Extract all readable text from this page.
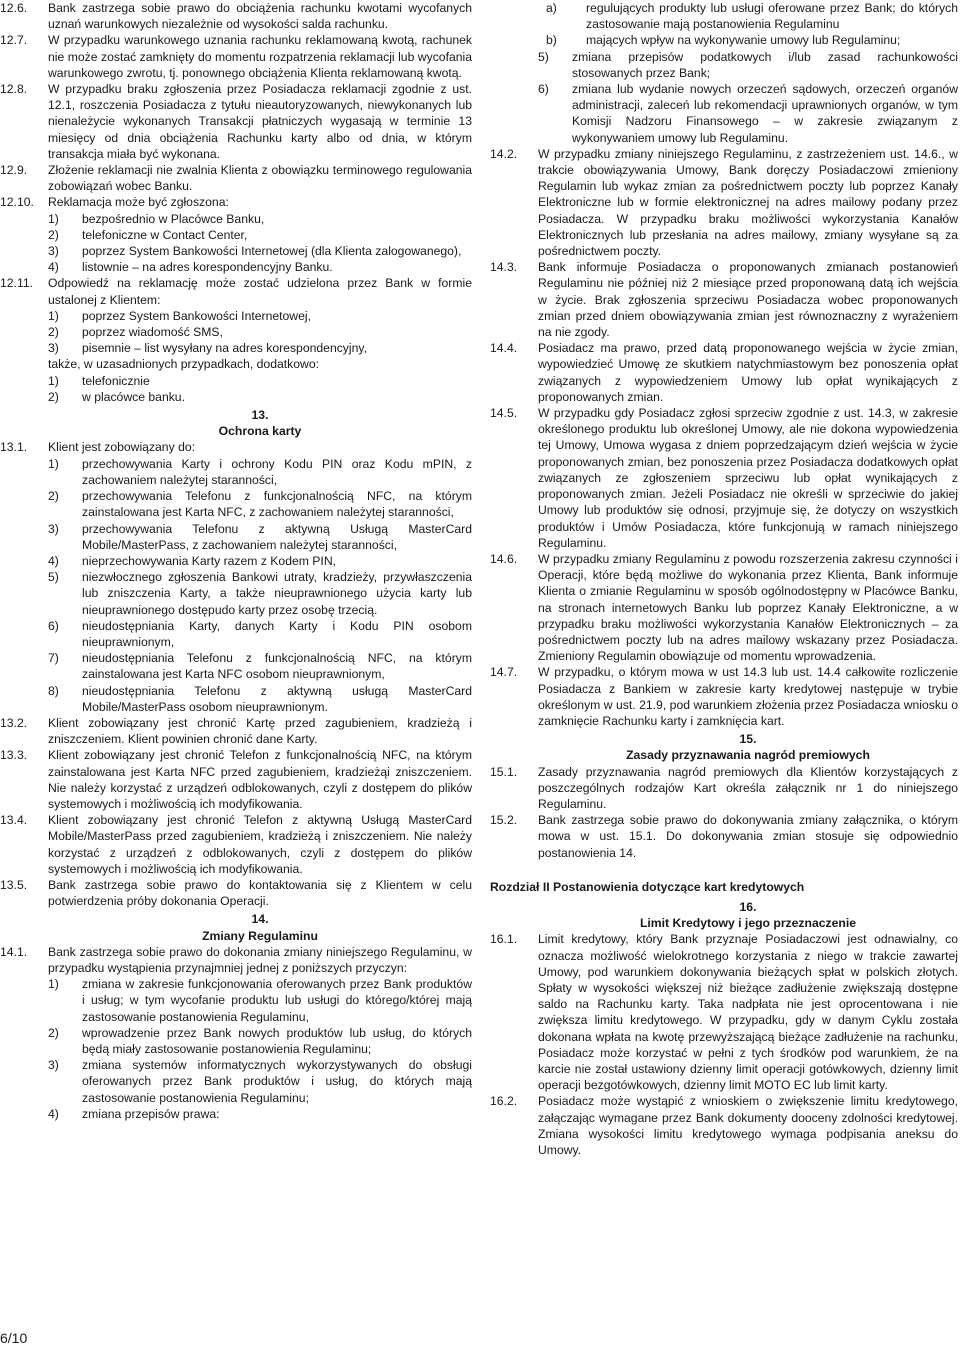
12.6. Bank zastrzega sobie prawo do obciążenia rachunku kwotami wycofanych uznań warunkowych niezależnie od wysokości salda rachunku.
12.7. W przypadku warunkowego uznania rachunku reklamowaną kwotą, rachunek nie może zostać zamknięty do momentu rozpatrzenia reklamacji lub wycofania warunkowego zwrotu, tj. ponownego obciążenia Klienta reklamowaną kwotą.
12.8. W przypadku braku zgłoszenia przez Posiadacza reklamacji zgodnie z ust. 12.1, roszczenia Posiadacza z tytułu nieautoryzowanych, niewykonanych lub nienależycie wykonanych Transakcji płatniczych wygasają w terminie 13 miesięcy od dnia obciążenia Rachunku karty albo od dnia, w którym transakcja miała być wykonana.
12.9. Złożenie reklamacji nie zwalnia Klienta z obowiązku terminowego regulowania zobowiązań wobec Banku.
12.10. Reklamacja może być zgłoszona:
1) bezpośrednio w Placówce Banku,
2) telefoniczne w Contact Center,
3) poprzez System Bankowości Internetowej (dla Klienta zalogowanego),
4) listownie – na adres korespondencyjny Banku.
12.11. Odpowiedź na reklamację może zostać udzielona przez Bank w formie ustalonej z Klientem:
1) poprzez System Bankowości Internetowej,
2) poprzez wiadomość SMS,
3) pisemnie – list wysyłany na adres korespondencyjny,
także, w uzasadnionych przypadkach, dodatkowo:
1) telefonicznie
2) w placówce banku.
13.
Ochrona karty
13.1. Klient jest zobowiązany do:
1) przechowywania Karty i ochrony Kodu PIN oraz Kodu mPIN, z zachowaniem należytej staranności,
2) przechowywania Telefonu z funkcjonalnością NFC, na którym zainstalowana jest Karta NFC, z zachowaniem należytej staranności,
3) przechowywania Telefonu z aktywną Usługą MasterCard Mobile/MasterPass, z zachowaniem należytej staranności,
4) nieprzechowywania Karty razem z Kodem PIN,
5) niezwłocznego zgłoszenia Bankowi utraty, kradzieży, przywłaszczenia lub zniszczenia Karty, a także nieuprawnionego użycia karty lub nieuprawnionego dostępudo karty przez osobę trzecią.
6) nieudostępniania Karty, danych Karty i Kodu PIN osobom nieuprawnionym,
7) nieudostępniania Telefonu z funkcjonalnością NFC, na którym zainstalowana jest Karta NFC osobom nieuprawnionym,
8) nieudostępniania Telefonu z aktywną usługą MasterCard Mobile/MasterPass osobom nieuprawnionym.
13.2. Klient zobowiązany jest chronić Kartę przed zagubieniem, kradzieżą i zniszczeniem. Klient powinien chronić dane Karty.
13.3. Klient zobowiązany jest chronić Telefon z funkcjonalnością NFC, na którym zainstalowana jest Karta NFC przed zagubieniem, kradzieżąi zniszczeniem. Nie należy korzystać z urządzeń odblokowanych, czyli z dostępem do plików systemowych i możliwością ich modyfikowania.
13.4. Klient zobowiązany jest chronić Telefon z aktywną Usługą MasterCard Mobile/MasterPass przed zagubieniem, kradzieżą i zniszczeniem. Nie należy korzystać z urządzeń z odblokowanych, czyli z dostępem do plików systemowych i możliwością ich modyfikowania.
13.5. Bank zastrzega sobie prawo do kontaktowania się z Klientem w celu potwierdzenia próby dokonania Operacji.
14.
Zmiany Regulaminu
14.1. Bank zastrzega sobie prawo do dokonania zmiany niniejszego Regulaminu, w przypadku wystąpienia przynajmniej jednej z poniższych przyczyn:
1) zmiana w zakresie funkcjonowania oferowanych przez Bank produktów i usług; w tym wycofanie produktu lub usługi do którego/której mają zastosowanie postanowienia Regulaminu,
2) wprowadzenie przez Bank nowych produktów lub usług, do których będą miały zastosowanie postanowienia Regulaminu;
3) zmiana systemów informatycznych wykorzystywanych do obsługi oferowanych przez Bank produktów i usług, do których mają zastosowanie postanowienia Regulaminu;
4) zmiana przepisów prawa:
a) regulujących produkty lub usługi oferowane przez Bank; do których zastosowanie mają postanowienia Regulaminu
b) mających wpływ na wykonywanie umowy lub Regulaminu;
5) zmiana przepisów podatkowych i/lub zasad rachunkowości stosowanych przez Bank;
6) zmiana lub wydanie nowych orzeczeń sądowych, orzeczeń organów administracji, zaleceń lub rekomendacji uprawnionych organów, w tym Komisji Nadzoru Finansowego – w zakresie związanym z wykonywaniem umowy lub Regulaminu.
14.2. W przypadku zmiany niniejszego Regulaminu, z zastrzeżeniem ust. 14.6., w trakcie obowiązywania Umowy, Bank doręczy Posiadaczowi zmieniony Regulamin lub wykaz zmian za pośrednictwem poczty lub poprzez Kanały Elektroniczne lub w formie elektronicznej na adres mailowy podany przez Posiadacza. W przypadku braku możliwości wykorzystania Kanałów Elektronicznych lub przesłania na adres mailowy, zmiany wysyłane są za pośrednictwem poczty.
14.3. Bank informuje Posiadacza o proponowanych zmianach postanowień Regulaminu nie później niż 2 miesiące przed proponowaną datą ich wejścia w życie. Brak zgłoszenia sprzeciwu Posiadacza wobec proponowanych zmian przed dniem obowiązywania zmian jest równoznaczny z wyrażeniem na nie zgody.
14.4. Posiadacz ma prawo, przed datą proponowanego wejścia w życie zmian, wypowiedzieć Umowę ze skutkiem natychmiastowym bez ponoszenia opłat związanych z wypowiedzeniem Umowy lub opłat wynikających z proponowanych zmian.
14.5. W przypadku gdy Posiadacz zgłosi sprzeciw zgodnie z ust. 14.3, w zakresie określonego produktu lub określonej Umowy, ale nie dokona wypowiedzenia tej Umowy, Umowa wygasa z dniem poprzedzającym dzień wejścia w życie proponowanych zmian, bez ponoszenia przez Posiadacza dodatkowych opłat związanych ze zgłoszeniem sprzeciwu lub opłat wynikających z proponowanych zmian. Jeżeli Posiadacz nie określi w sprzeciwie do jakiej Umowy lub produktów się odnosi, przyjmuje się, że dotyczy on wszystkich produktów i Umów Posiadacza, które funkcjonują w ramach niniejszego Regulaminu.
14.6. W przypadku zmiany Regulaminu z powodu rozszerzenia zakresu czynności i Operacji, które będą możliwe do wykonania przez Klienta, Bank informuje Klienta o zmianie Regulaminu w sposób ogólnodostępny w Placówce Banku, na stronach internetowych Banku lub poprzez Kanały Elektroniczne, a w przypadku braku możliwości wykorzystania Kanałów Elektronicznych – za pośrednictwem poczty lub na adres mailowy wskazany przez Posiadacza. Zmieniony Regulamin obowiązuje od momentu wprowadzenia.
14.7. W przypadku, o którym mowa w ust 14.3 lub ust. 14.4 całkowite rozliczenie Posiadacza z Bankiem w zakresie karty kredytowej następuje w trybie określonym w ust. 21.9, pod warunkiem złożenia przez Posiadacza wniosku o zamknięcie Rachunku karty i zamknięcia kart.
15.
Zasady przyznawania nagród premiowych
15.1. Zasady przyznawania nagród premiowych dla Klientów korzystających z poszczególnych rodzajów Kart określa załącznik nr 1 do niniejszego Regulaminu.
15.2. Bank zastrzega sobie prawo do dokonywania zmiany załącznika, o którym mowa w ust. 15.1. Do dokonywania zmian stosuje się odpowiednio postanowienia 14.
Rozdział II Postanowienia dotyczące kart kredytowych
16.
Limit Kredytowy i jego przeznaczenie
16.1. Limit kredytowy, który Bank przyznaje Posiadaczowi jest odnawialny, co oznacza możliwość wielokrotnego korzystania z niego w trakcie zawartej Umowy, pod warunkiem dokonywania bieżących spłat w polskich złotych. Spłaty w wysokości większej niż bieżące zadłużenie zwiększają dostępne saldo na Rachunku karty. Taka nadpłata nie jest oprocentowana i nie zwiększa limitu kredytowego. W przypadku, gdy w danym Cyklu została dokonana wpłata na kwotę przewyższającą bieżące zadłużenie na rachunku, Posiadacz może korzystać w pełni z tych środków pod warunkiem, że na karcie nie został ustawiony dzienny limit operacji gotówkowych, dzienny limit operacji bezgotówkowych, dzienny limit MOTO EC lub limit karty.
16.2. Posiadacz może wystąpić z wnioskiem o zwiększenie limitu kredytowego, załączając wymagane przez Bank dokumenty dooceny zdolności kredytowej. Zmiana wysokości limitu kredytowego wymaga podpisania aneksu do Umowy.
6/10
